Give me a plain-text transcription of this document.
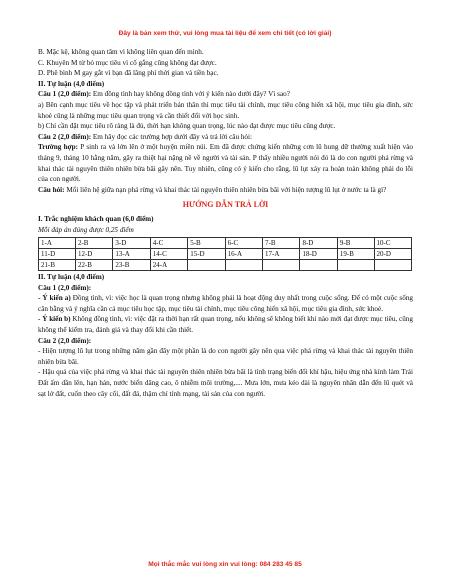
Đây là bản xem thử, vui lòng mua tài liệu để xem chi tiết (có lời giải)

B. Mặc kệ, không quan tâm vì không liên quan đến mình.

C. Khuyên M từ bỏ mục tiêu vì cố gắng cũng không đạt được.

D. Phê bình M gay gắt vì bạn đã lãng phí thời gian và tiền bạc.

II. Tự luận (4,0 điểm)

Câu 1 (2,0 điểm): Em đồng tình hay không đồng tình với ý kiến nào dưới đây? Vì sao?

a) Bên cạnh mục tiêu về học tập và phát triển bản thân thì mục tiêu tài chính, mục tiêu công hiến xã hội, mục tiêu gia đình, sức khoẻ cũng là những mục tiêu quan trọng và cần thiết đối với học sinh.

b) Chỉ cần đặt mục tiêu rõ ràng là đủ, thời hạn không quan trọng, lúc nào đạt được mục tiêu cũng được.

Câu 2 (2,0 điểm): Em hãy đọc các trường hợp dưới đây và trả lời câu hỏi:

Trường hợp: P sinh ra và lớn lên ở một huyện miền núi. Em đã được chứng kiến những cơn lũ hung dữ thường xuất hiện vào tháng 9, tháng 10 hằng năm, gây ra thiệt hại nặng nề về người và tài sản. P thấy nhiều người nói đó là do con người phá rừng và khai thác tài nguyên thiên nhiên bừa bãi gây nên. Tuy nhiên, cũng có ý kiến cho rằng, lũ lụt xảy ra hoàn toàn không phải do lỗi của con người.

Câu hỏi: Mối liên hệ giữa nạn phá rừng và khai thác tài nguyên thiên nhiên bừa bãi với hiện tượng lũ lụt ở nước ta là gì?

HƯỚNG DẪN TRẢ LỜI

I. Trắc nghiệm khách quan (6,0 điểm)

Mỗi đáp án đúng được 0,25 điểm

1-A	2-B	3-D	4-C	5-B	6-C	7-B	8-D	9-B	10-C
11-D	12-D	13-A	14-C	15-D	16-A	17-A	18-D	19-B	20-D
21-B	22-B	23-B	24-A						

II. Tự luận (4,0 điểm)

Câu 1 (2,0 điểm):

- Ý kiến a) Đồng tình, vì: việc học là quan trọng nhưng không phải là hoạt động duy nhất trong cuộc sống. Để có một cuộc sống cân bằng và ý nghĩa cần cả mục tiêu học tập, mục tiêu tài chính, mục tiêu công hiến xã hội, mục tiêu gia đình, sức khoẻ.

- Ý kiến b) Không đồng tình, vì: việc đặt ra thời hạn rất quan trọng, nếu không sẽ không biết khi nào mới đạt được mục tiêu, cũng không thể kiểm tra, đánh giá và thay đổi khi cần thiết.

Câu 2 (2,0 điểm):

- Hiện tượng lũ lụt trong những năm gần đây một phần là do con người gây nên qua việc phá rừng và khai thác tài nguyên thiên nhiên bừa bãi.

- Hậu quả của việc phá rừng và khai thác tài nguyên thiên nhiên bừa bãi là tình trạng biến đổi khí hậu, hiệu ứng nhà kính làm Trái Đất ấm dần lên, hạn hán, nước biển dâng cao, ô nhiễm môi trường,.... Mưa lớn, mưa kéo dài là nguyên nhân dẫn đến lũ quét và sạt lở đất, cuốn theo cây cối, đất đá, thậm chí tính mạng, tài sản của con người.

Mọi thắc mắc vui lòng xin vui lòng: 084 283 45 85
